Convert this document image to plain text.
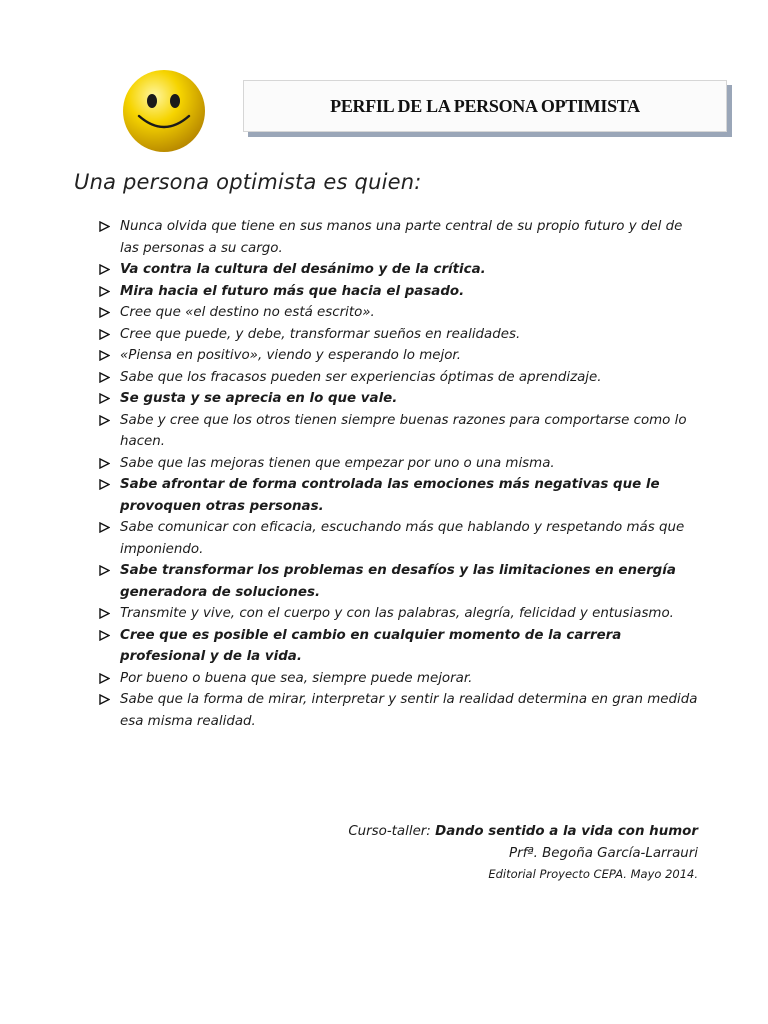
PERFIL DE LA PERSONA OPTIMISTA
Una persona optimista es quien:
Nunca olvida que tiene en sus manos una parte central de su propio futuro y del de las personas a su cargo.
Va contra la cultura del desánimo y de la crítica.
Mira hacia el futuro más que hacia el pasado.
Cree que «el destino no está escrito».
Cree que puede, y debe, transformar sueños en realidades.
«Piensa en positivo», viendo y esperando lo mejor.
Sabe que los fracasos pueden ser experiencias óptimas de aprendizaje.
Se gusta y se aprecia en lo que vale.
Sabe y cree que los otros tienen siempre buenas razones para comportarse como lo hacen.
Sabe que las mejoras tienen que empezar por uno o una misma.
Sabe afrontar de forma controlada las emociones más negativas que le provoquen otras personas.
Sabe comunicar con eficacia, escuchando más que hablando y respetando más que imponiendo.
Sabe transformar los problemas en desafíos y las limitaciones en energía generadora de soluciones.
Transmite y vive, con el cuerpo y con las palabras, alegría, felicidad y entusiasmo.
Cree que es posible el cambio en cualquier momento de la carrera profesional y de la vida.
Por bueno o buena que sea, siempre puede mejorar.
Sabe que la forma de mirar, interpretar y sentir la realidad determina en gran medida esa misma realidad.
Curso-taller: Dando sentido a la vida con humor
Prfª. Begoña García-Larrauri
Editorial Proyecto CEPA. Mayo 2014.
